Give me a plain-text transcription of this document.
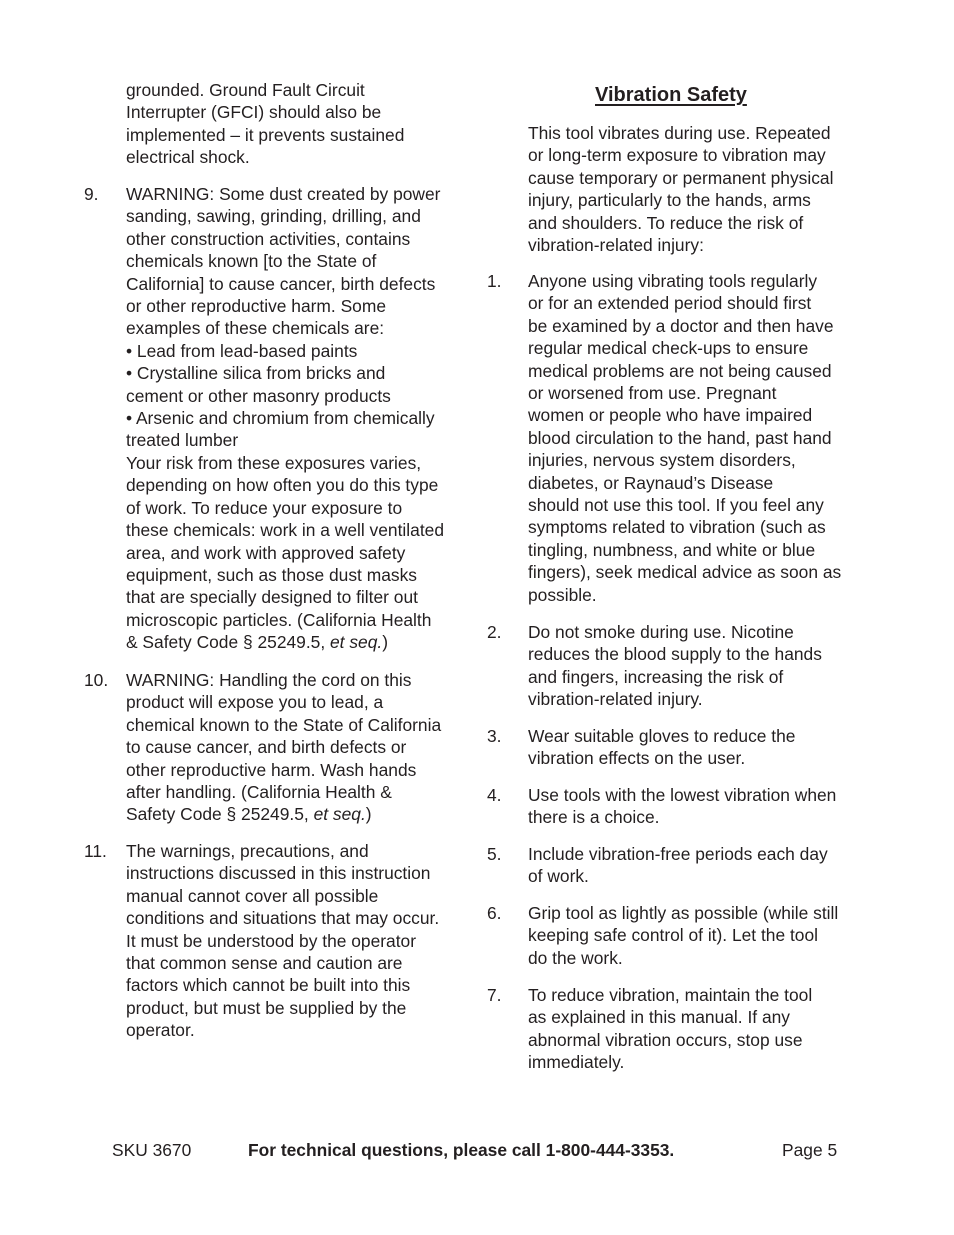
grounded. Ground Fault Circuit
Interrupter (GFCI) should also be
implemented – it prevents sustained
electrical shock.
9. WARNING: Some dust created by power
sanding, sawing, grinding, drilling, and
other construction activities, contains
chemicals known [to the State of
California] to cause cancer, birth defects
or other reproductive harm. Some
examples of these chemicals are:
• Lead from lead-based paints
• Crystalline silica from bricks and
cement or other masonry products
• Arsenic and chromium from chemically
treated lumber
Your risk from these exposures varies,
depending on how often you do this type
of work. To reduce your exposure to
these chemicals: work in a well ventilated
area, and work with approved safety
equipment, such as those dust masks
that are specially designed to filter out
microscopic particles. (California Health
& Safety Code § 25249.5, et seq.)
10. WARNING: Handling the cord on this
product will expose you to lead, a
chemical known to the State of California
to cause cancer, and birth defects or
other reproductive harm. Wash hands
after handling. (California Health &
Safety Code § 25249.5, et seq.)
11. The warnings, precautions, and
instructions discussed in this instruction
manual cannot cover all possible
conditions and situations that may occur.
It must be understood by the operator
that common sense and caution are
factors which cannot be built into this
product, but must be supplied by the
operator.
Vibration Safety
This tool vibrates during use. Repeated
or long-term exposure to vibration may
cause temporary or permanent physical
injury, particularly to the hands, arms
and shoulders. To reduce the risk of
vibration-related injury:
1. Anyone using vibrating tools regularly
or for an extended period should first
be examined by a doctor and then have
regular medical check-ups to ensure
medical problems are not being caused
or worsened from use. Pregnant
women or people who have impaired
blood circulation to the hand, past hand
injuries, nervous system disorders,
diabetes, or Raynaud’s Disease
should not use this tool. If you feel any
symptoms related to vibration (such as
tingling, numbness, and white or blue
fingers), seek medical advice as soon as
possible.
2. Do not smoke during use. Nicotine
reduces the blood supply to the hands
and fingers, increasing the risk of
vibration-related injury.
3. Wear suitable gloves to reduce the
vibration effects on the user.
4. Use tools with the lowest vibration when
there is a choice.
5. Include vibration-free periods each day
of work.
6. Grip tool as lightly as possible (while still
keeping safe control of it). Let the tool
do the work.
7. To reduce vibration, maintain the tool
as explained in this manual. If any
abnormal vibration occurs, stop use
immediately.
SKU 3670	For technical questions, please call 1-800-444-3353.	Page 5
